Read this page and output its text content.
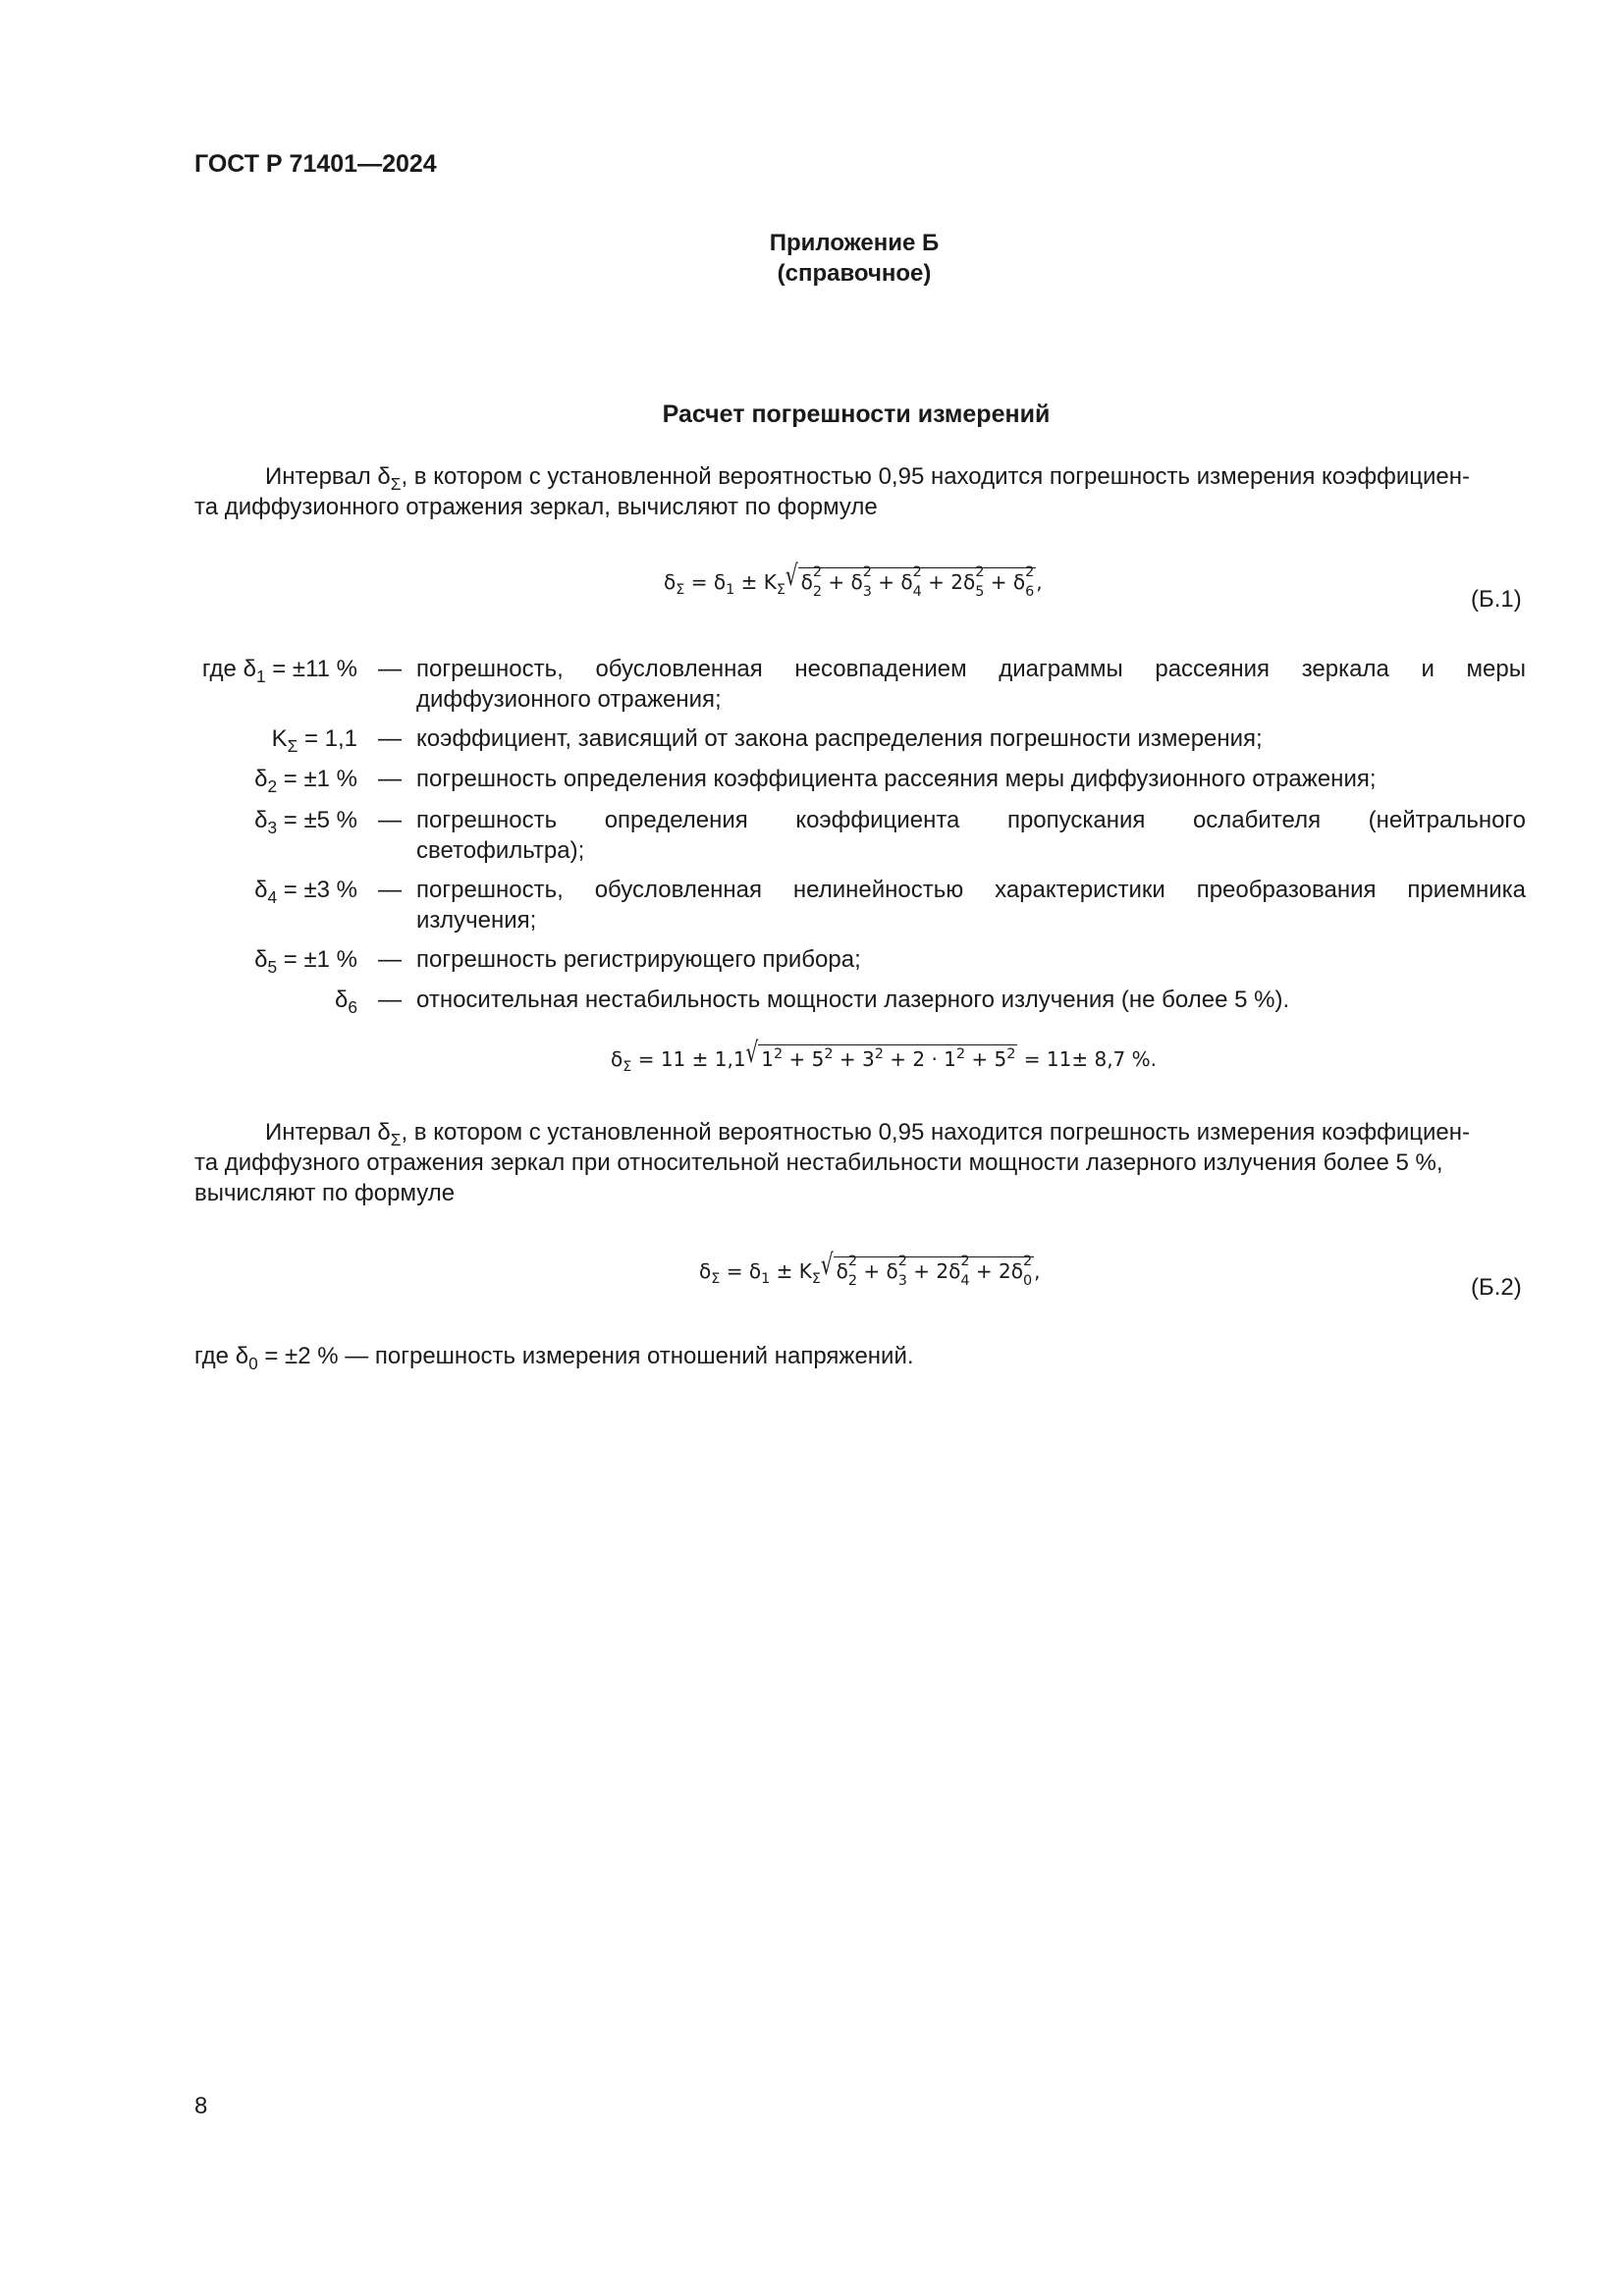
ГОСТ Р 71401—2024
Приложение Б
(справочное)
Расчет погрешности измерений
Интервал $\delta_\Sigma$, в котором с установленной вероятностью 0,95 находится погрешность измерения коэффициен-
та диффузионного отражения зеркал, вычисляют по формуле
$\delta_\Sigma = \delta_1 \pm K_\Sigma√$ δ 2
2 + δ 2
3 + δ 2
4 + 2δ 2
5 + δ 2
6 ,
(Б.1)
где $\delta_1 = \pm 11$ % — погрешность, обусловленная несовпадением диаграммы рассеяния зеркала и меры
диффузионного отражения;
$K_\Sigma = 1,1$ — коэффициент, зависящий от закона распределения погрешности измерения;
$\delta_2 = \pm 1$ % — погрешность определения коэффициента рассеяния меры диффузионного отражения;
$\delta_3 = \pm 5$ % — погрешность определения коэффициента пропускания ослабителя (нейтрального
светофильтра);
$\delta_4 = \pm 3$ % — погрешность, обусловленная нелинейностью характеристики преобразования приемника
излучения;
$\delta_5 = \pm 1$ % — погрешность регистрирующего прибора;
$\delta_6$ — относительная нестабильность мощности лазерного излучения (не более 5 %).
$\delta_\Sigma = 11 \pm 1,1√$ $1^2 + 5^2 + 3^2 + 2 \cdot 1^2 + 5^2 = 11\pm 8,7$ %.
Интервал $\delta_\Sigma$, в котором с установленной вероятностью 0,95 находится погрешность измерения коэффициен-
та диффузного отражения зеркал при относительной нестабильности мощности лазерного излучения более 5 %,
вычисляют по формуле
$\delta_\Sigma = \delta_1 \pm K_\Sigma√$ δ 2
2 + δ 2
3 + 2δ 2
4 + 2δ 2
0 ,
(Б.2)
где $\delta_0 = \pm 2$ % — погрешность измерения отношений напряжений.
8
